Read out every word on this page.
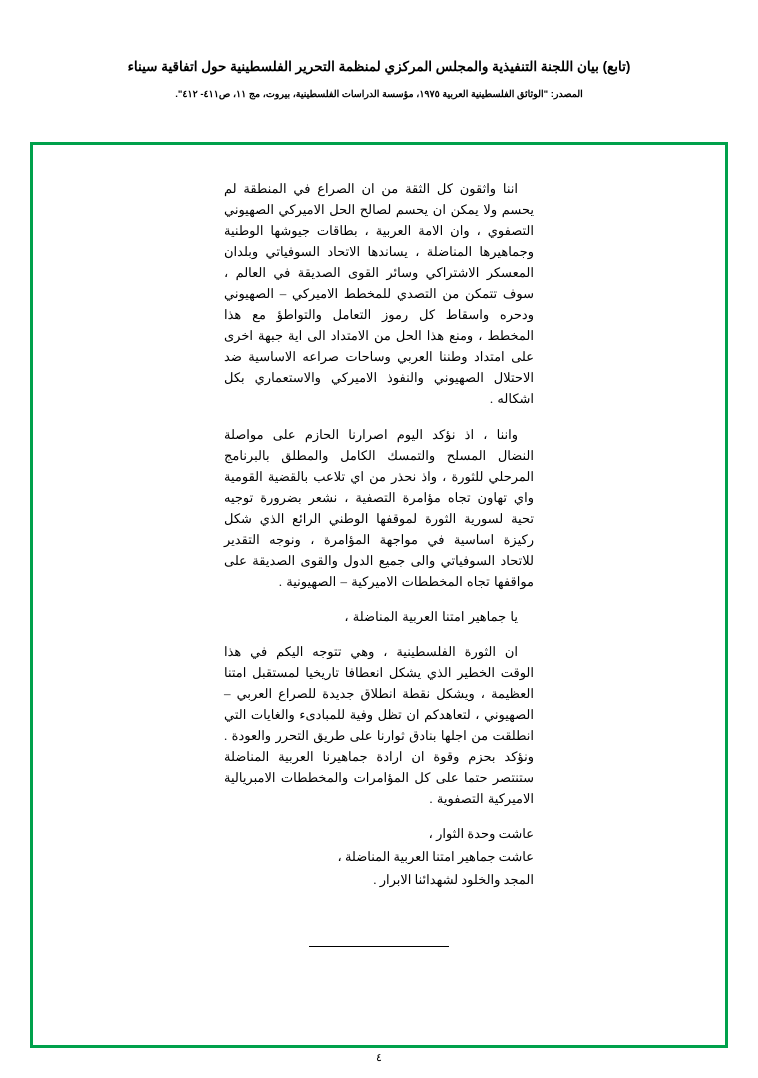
(تابع) بيان اللجنة التنفيذية والمجلس المركزي لمنظمة التحرير الفلسطينية حول اتفاقية سيناء
المصدر: "الوثائق الفلسطينية العربية ١٩٧٥، مؤسسة الدراسات الفلسطينية، بيروت، مج ١١، ص٤١١- ٤١٢".

اننا واثقون كل الثقة من ان الصراع في المنطقة لم يحسم ولا يمكن ان يحسم لصالح الحل الاميركي الصهيوني التصفوي ، وان الامة العربية ، بطاقات جيوشها الوطنية وجماهيرها المناضلة ، يساندها الاتحاد السوفياتي وبلدان المعسكر الاشتراكي وسائر القوى الصديقة في العالم ، سوف تتمكن من التصدي للمخطط الاميركي – الصهيوني ودحره واسقاط كل رموز التعامل والتواطؤ مع هذا المخطط ، ومنع هذا الحل من الامتداد الى اية جبهة اخرى على امتداد وطننا العربي وساحات صراعه الاساسية ضد الاحتلال الصهيوني والنفوذ الاميركي والاستعماري بكل اشكاله .

واننا ، اذ نؤكد اليوم اصرارنا الحازم على مواصلة النضال المسلح والتمسك الكامل والمطلق بالبرنامج المرحلي للثورة ، واذ نحذر من اي تلاعب بالقضية القومية واي تهاون تجاه مؤامرة التصفية ، نشعر بضرورة توجيه تحية لسورية الثورة لموقفها الوطني الرائع الذي شكل ركيزة اساسية في مواجهة المؤامرة ، ونوجه التقدير للاتحاد السوفياتي والى جميع الدول والقوى الصديقة على مواقفها تجاه المخططات الاميركية – الصهيونية .

يا جماهير امتنا العربية المناضلة ،

ان الثورة الفلسطينية ، وهي تتوجه اليكم في هذا الوقت الخطير الذي يشكل انعطافا تاريخيا لمستقبل امتنا العظيمة ، ويشكل نقطة انطلاق جديدة للصراع العربي – الصهيوني ، لتعاهدكم ان تظل وفية للمبادىء والغايات التي انطلقت من اجلها بنادق ثوارنا على طريق التحرر والعودة . ونؤكد بحزم وقوة ان ارادة جماهيرنا العربية المناضلة ستنتصر حتما على كل المؤامرات والمخططات الامبريالية الاميركية التصفوية .

عاشت وحدة الثوار ،
عاشت جماهير امتنا العربية المناضلة ،
المجد والخلود لشهدائنا الابرار .
٤
